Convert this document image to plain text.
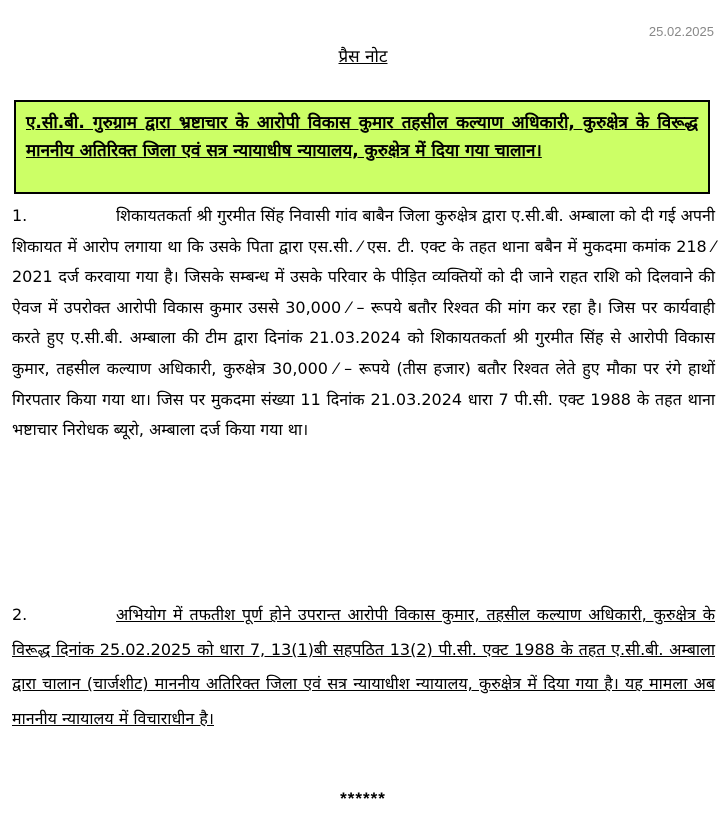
25.02.2025
प्रैस नोट
ए.सी.बी. गुरुग्राम द्वारा भ्रष्टाचार के आरोपी विकास कुमार तहसील कल्याण अधिकारी, कुरुक्षेत्र के विरूद्ध माननीय अतिरिक्त जिला एवं सत्र न्यायाधीष न्यायालय, कुरुक्षेत्र में दिया गया चालान।
1.	शिकायतकर्ता श्री गुरमीत सिंह निवासी गांव बाबैन जिला कुरुक्षेत्र द्वारा ए.सी.बी. अम्बाला को दी गई अपनी शिकायत में आरोप लगाया था कि उसके पिता द्वारा एस.सी. ⁄ एस. टी. एक्ट के तहत थाना बबैन में मुकदमा कमांक 218 ⁄ 2021 दर्ज करवाया गया है। जिसके सम्बन्ध में उसके परिवार के पीड़ित व्यक्तियों को दी जाने राहत राशि को दिलवाने की ऐवज में उपरोक्त आरोपी विकास कुमार उससे 30,000 ⁄ – रूपये बतौर रिश्वत की मांग कर रहा है। जिस पर कार्यवाही करते हुए ए.सी.बी. अम्बाला की टीम द्वारा दिनांक 21.03.2024 को शिकायतकर्ता श्री गुरमीत सिंह से आरोपी विकास कुमार, तहसील कल्याण अधिकारी, कुरुक्षेत्र 30,000 ⁄ – रूपये (तीस हजार) बतौर रिश्वत लेते हुए मौका पर रंगे हाथों गिरपतार किया गया था। जिस पर मुकदमा संख्या 11 दिनांक 21.03.2024 धारा 7 पी.सी. एक्ट 1988 के तहत थाना भष्टाचार निरोधक ब्यूरो, अम्बाला दर्ज किया गया था।
2.	अभियोग में तफतीश पूर्ण होने उपरान्त आरोपी विकास कुमार, तहसील कल्याण अधिकारी, कुरुक्षेत्र के विरूद्ध दिनांक 25.02.2025 को धारा 7, 13(1)बी सहपठित 13(2) पी.सी. एक्ट 1988 के तहत ए.सी.बी. अम्बाला द्वारा चालान (चार्जशीट) माननीय अतिरिक्त जिला एवं सत्र न्यायाधीश न्यायालय, कुरुक्षेत्र में दिया गया है। यह मामला अब माननीय न्यायालय में विचाराधीन है।
******
